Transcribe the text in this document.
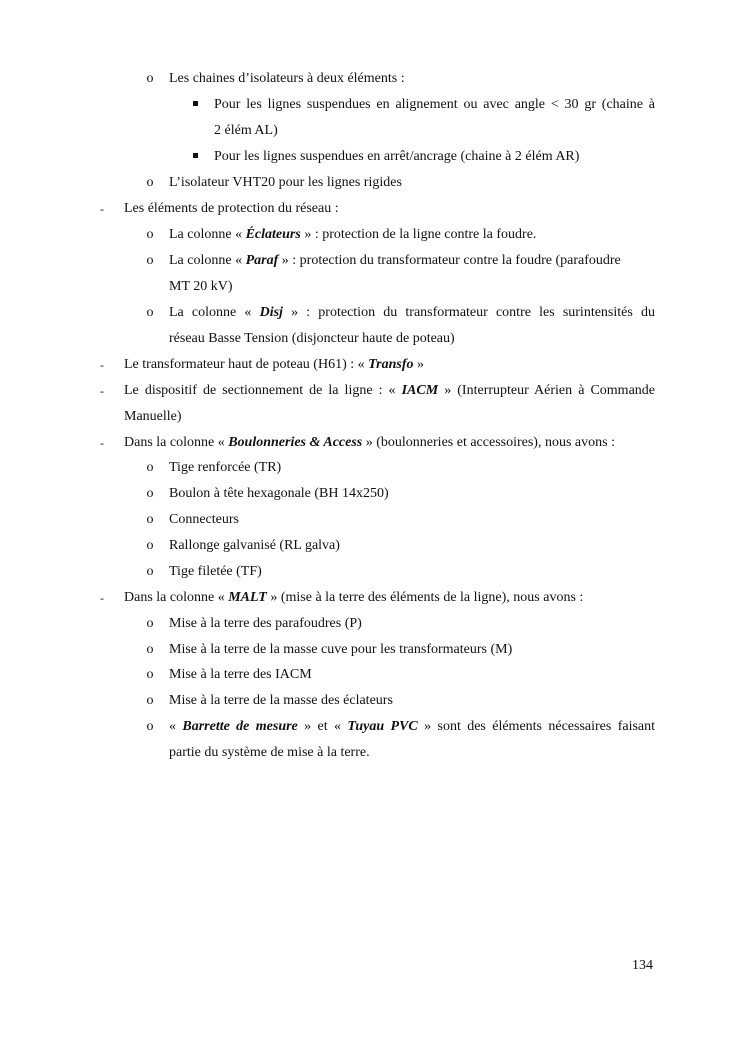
o Les chaines d’isolateurs à deux éléments :
Pour les lignes suspendues en alignement ou avec angle < 30 gr (chaine à
2 élém AL)
Pour les lignes suspendues en arrêt/ancrage (chaine à 2 élém AR)
o L’isolateur VHT20 pour les lignes rigides
- Les éléments de protection du réseau :
o La colonne « Éclateurs » : protection de la ligne contre la foudre.
o La colonne « Paraf » : protection du transformateur contre la foudre (parafoudre
MT 20 kV)
o La colonne « Disj » : protection du transformateur contre les surintensités du
réseau Basse Tension (disjoncteur haute de poteau)
- Le transformateur haut de poteau (H61) : « Transfo »
- Le dispositif de sectionnement de la ligne : « IACM » (Interrupteur Aérien à Commande
Manuelle)
- Dans la colonne « Boulonneries & Access » (boulonneries et accessoires), nous avons :
o Tige renforcée (TR)
o Boulon à tête hexagonale (BH 14x250)
o Connecteurs
o Rallonge galvanisé (RL galva)
o Tige filetée (TF)
- Dans la colonne « MALT » (mise à la terre des éléments de la ligne), nous avons :
o Mise à la terre des parafoudres (P)
o Mise à la terre de la masse cuve pour les transformateurs (M)
o Mise à la terre des IACM
o Mise à la terre de la masse des éclateurs
o « Barrette de mesure » et « Tuyau PVC » sont des éléments nécessaires faisant
partie du système de mise à la terre.
134
